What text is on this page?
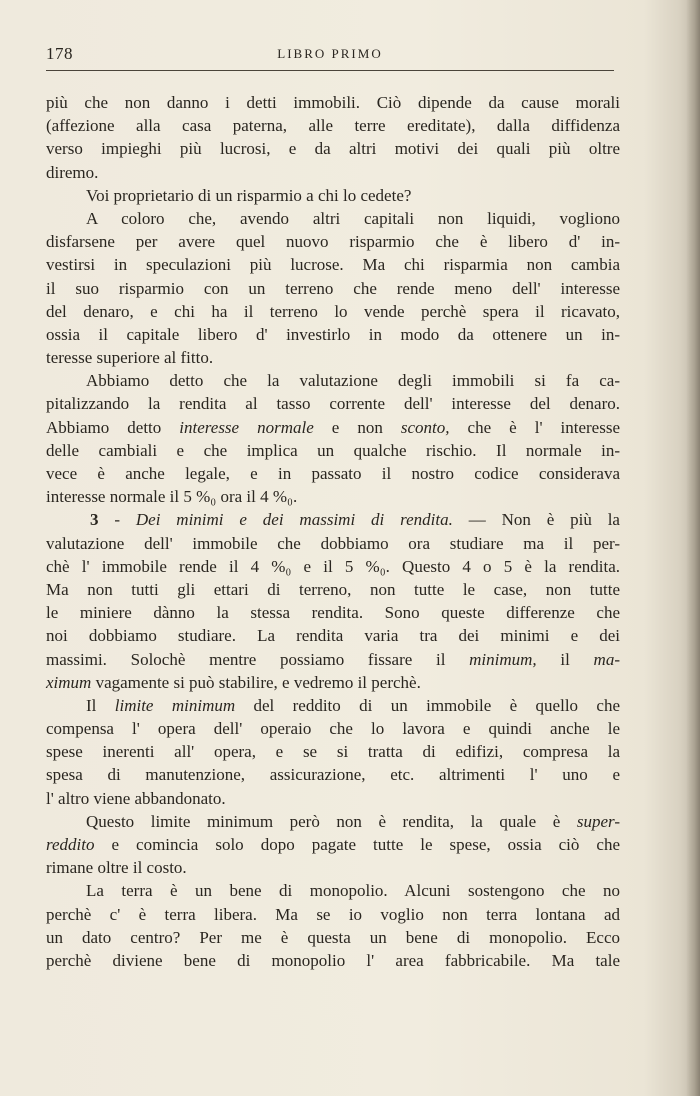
178	LIBRO PRIMO
più che non danno i detti immobili. Ciò dipende da cause morali
(affezione alla casa paterna, alle terre ereditate), dalla diffidenza
verso impieghi più lucrosi, e da altri motivi dei quali più oltre
diremo.
Voi proprietario di un risparmio a chi lo cedete?
A coloro che, avendo altri capitali non liquidi, vogliono
disfarsene per avere quel nuovo risparmio che è libero d' in-
vestirsi in speculazioni più lucrose. Ma chi risparmia non cambia
il suo risparmio con un terreno che rende meno dell' interesse
del denaro, e chi ha il terreno lo vende perchè spera il ricavato,
ossia il capitale libero d' investirlo in modo da ottenere un in-
teresse superiore al fitto.
Abbiamo detto che la valutazione degli immobili si fa ca-
pitalizzando la rendita al tasso corrente dell' interesse del denaro.
Abbiamo detto interesse normale e non sconto, che è l' interesse
delle cambiali e che implica un qualche rischio. Il normale in-
vece è anche legale, e in passato il nostro codice considerava
interesse normale il 5 %₀ ora il 4 %₀.
3 - Dei minimi e dei massimi di rendita. — Non è più la
valutazione dell' immobile che dobbiamo ora studiare ma il per-
chè l' immobile rende il 4 %₀ e il 5 %₀. Questo 4 o 5 è la rendita.
Ma non tutti gli ettari di terreno, non tutte le case, non tutte
le miniere dànno la stessa rendita. Sono queste differenze che
noi dobbiamo studiare. La rendita varia tra dei minimi e dei
massimi. Solochè mentre possiamo fissare il minimum, il ma-
ximum vagamente si può stabilire, e vedremo il perchè.
Il limite minimum del reddito di un immobile è quello che
compensa l' opera dell' operaio che lo lavora e quindi anche le
spese inerenti all' opera, e se si tratta di edifizi, compresa la
spesa di manutenzione, assicurazione, etc. altrimenti l' uno e
l' altro viene abbandonato.
Questo limite minimum però non è rendita, la quale è super-
reddito e comincia solo dopo pagate tutte le spese, ossia ciò che
rimane oltre il costo.
La terra è un bene di monopolio. Alcuni sostengono che no
perchè c' è terra libera. Ma se io voglio non terra lontana ad
un dato centro? Per me è questa un bene di monopolio. Ecco
perchè diviene bene di monopolio l' area fabbricabile. Ma tale
